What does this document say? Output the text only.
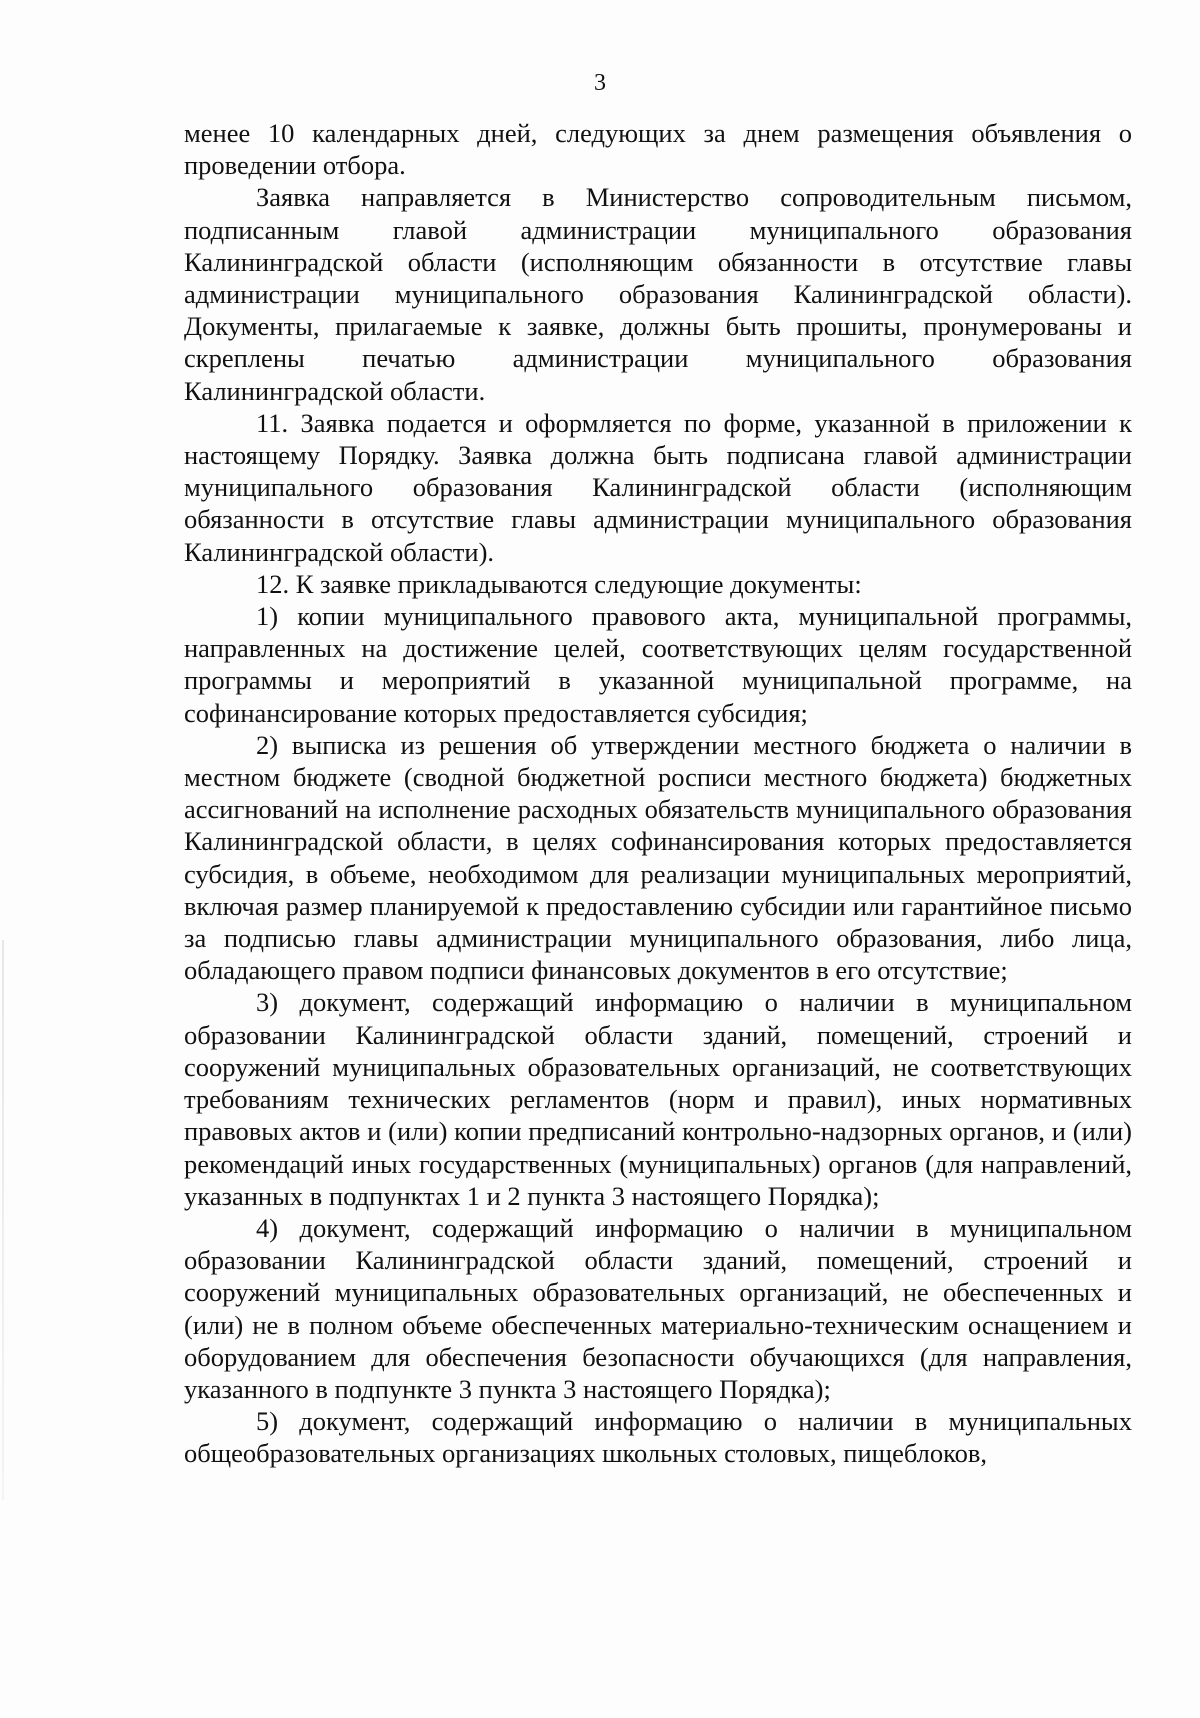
3

менее 10 календарных дней, следующих за днем размещения объявления о проведении отбора.

Заявка направляется в Министерство сопроводительным письмом, подписанным главой администрации муниципального образования Калининградской области (исполняющим обязанности в отсутствие главы администрации муниципального образования Калининградской области). Документы, прилагаемые к заявке, должны быть прошиты, пронумерованы и скреплены печатью администрации муниципального образования Калининградской области.

11. Заявка подается и оформляется по форме, указанной в приложении к настоящему Порядку. Заявка должна быть подписана главой администрации муниципального образования Калининградской области (исполняющим обязанности в отсутствие главы администрации муниципального образования Калининградской области).

12. К заявке прикладываются следующие документы:

1) копии муниципального правового акта, муниципальной программы, направленных на достижение целей, соответствующих целям государственной программы и мероприятий в указанной муниципальной программе, на софинансирование которых предоставляется субсидия;

2) выписка из решения об утверждении местного бюджета о наличии в местном бюджете (сводной бюджетной росписи местного бюджета) бюджетных ассигнований на исполнение расходных обязательств муниципального образования Калининградской области, в целях софинансирования которых предоставляется субсидия, в объеме, необходимом для реализации муниципальных мероприятий, включая размер планируемой к предоставлению субсидии или гарантийное письмо за подписью главы администрации муниципального образования, либо лица, обладающего правом подписи финансовых документов в его отсутствие;

3) документ, содержащий информацию о наличии в муниципальном образовании Калининградской области зданий, помещений, строений и сооружений муниципальных образовательных организаций, не соответствующих требованиям технических регламентов (норм и правил), иных нормативных правовых актов и (или) копии предписаний контрольно-надзорных органов, и (или) рекомендаций иных государственных (муниципальных) органов (для направлений, указанных в подпунктах 1 и 2 пункта 3 настоящего Порядка);

4) документ, содержащий информацию о наличии в муниципальном образовании Калининградской области зданий, помещений, строений и сооружений муниципальных образовательных организаций, не обеспеченных и (или) не в полном объеме обеспеченных материально-техническим оснащением и оборудованием для обеспечения безопасности обучающихся (для направления, указанного в подпункте 3 пункта 3 настоящего Порядка);

5) документ, содержащий информацию о наличии в муниципальных общеобразовательных организациях школьных столовых, пищеблоков,
